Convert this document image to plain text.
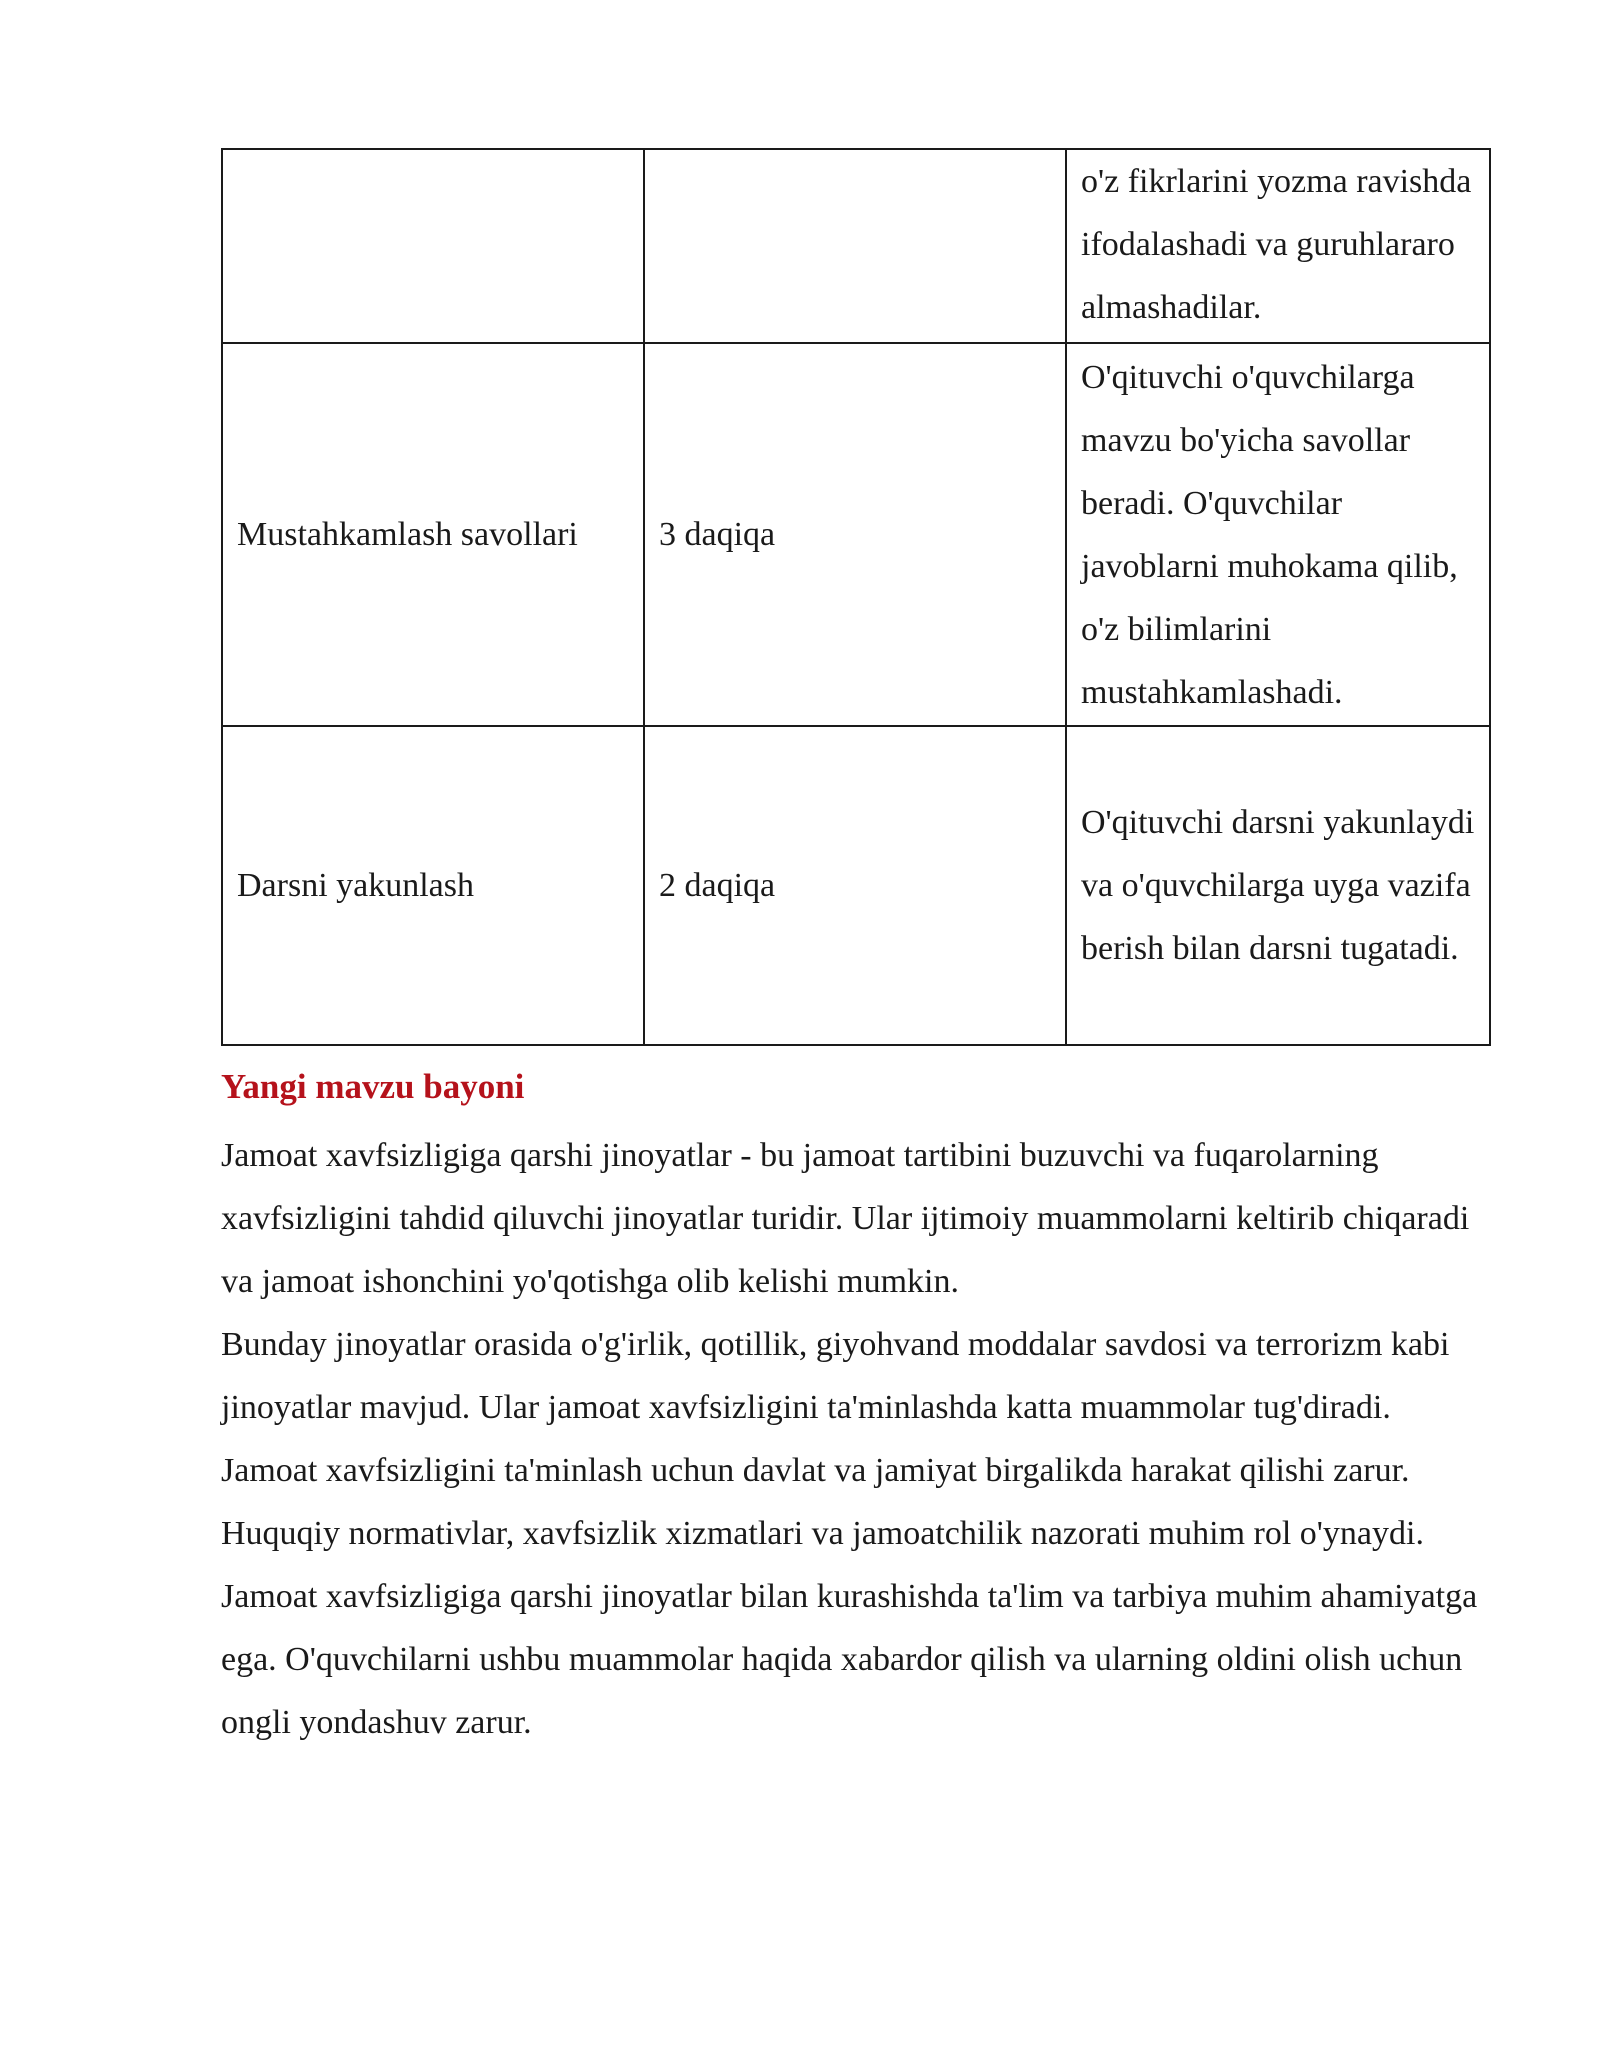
		o'z fikrlarini yozma ravishda ifodalashadi va guruhlararo almashadilar.
Mustahkamlash savollari	3 daqiqa	O'qituvchi o'quvchilarga mavzu bo'yicha savollar beradi. O'quvchilar javoblarni muhokama qilib, o'z bilimlarini mustahkamlashadi.
Darsni yakunlash	2 daqiqa	O'qituvchi darsni yakunlaydi va o'quvchilarga uyga vazifa berish bilan darsni tugatadi.
Yangi mavzu bayoni

Jamoat xavfsizligiga qarshi jinoyatlar - bu jamoat tartibini buzuvchi va fuqarolarning xavfsizligini tahdid qiluvchi jinoyatlar turidir. Ular ijtimoiy muammolarni keltirib chiqaradi va jamoat ishonchini yo'qotishga olib kelishi mumkin.

Bunday jinoyatlar orasida o'g'irlik, qotillik, giyohvand moddalar savdosi va terrorizm kabi jinoyatlar mavjud. Ular jamoat xavfsizligini ta'minlashda katta muammolar tug'diradi.

Jamoat xavfsizligini ta'minlash uchun davlat va jamiyat birgalikda harakat qilishi zarur. Huquqiy normativlar, xavfsizlik xizmatlari va jamoatchilik nazorati muhim rol o'ynaydi.

Jamoat xavfsizligiga qarshi jinoyatlar bilan kurashishda ta'lim va tarbiya muhim ahamiyatga ega. O'quvchilarni ushbu muammolar haqida xabardor qilish va ularning oldini olish uchun ongli yondashuv zarur.
